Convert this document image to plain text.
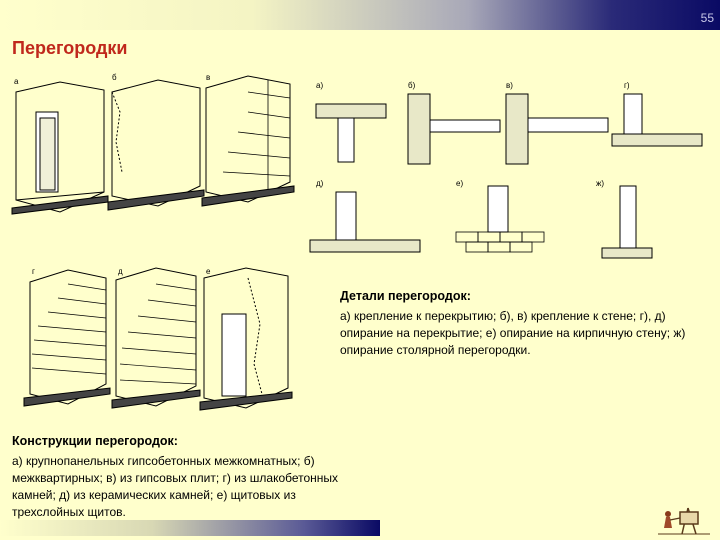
55
Перегородки
а	б	в
г	д	е
а)	б)	в)	г)
д)	е)	ж)
Детали перегородок:
а) крепление к перекрытию; б), в) крепление к стене; г), д) опирание на перекрытие; е) опирание на кирпичную стену; ж) опирание столярной перегородки.
Конструкции перегородок:
а) крупнопанельных гипсобетонных межкомнатных; б) межквартирных; в) из гипсовых плит; г) из шлакобетонных камней; д) из керамических камней; е) щитовых из трехслойных щитов.
